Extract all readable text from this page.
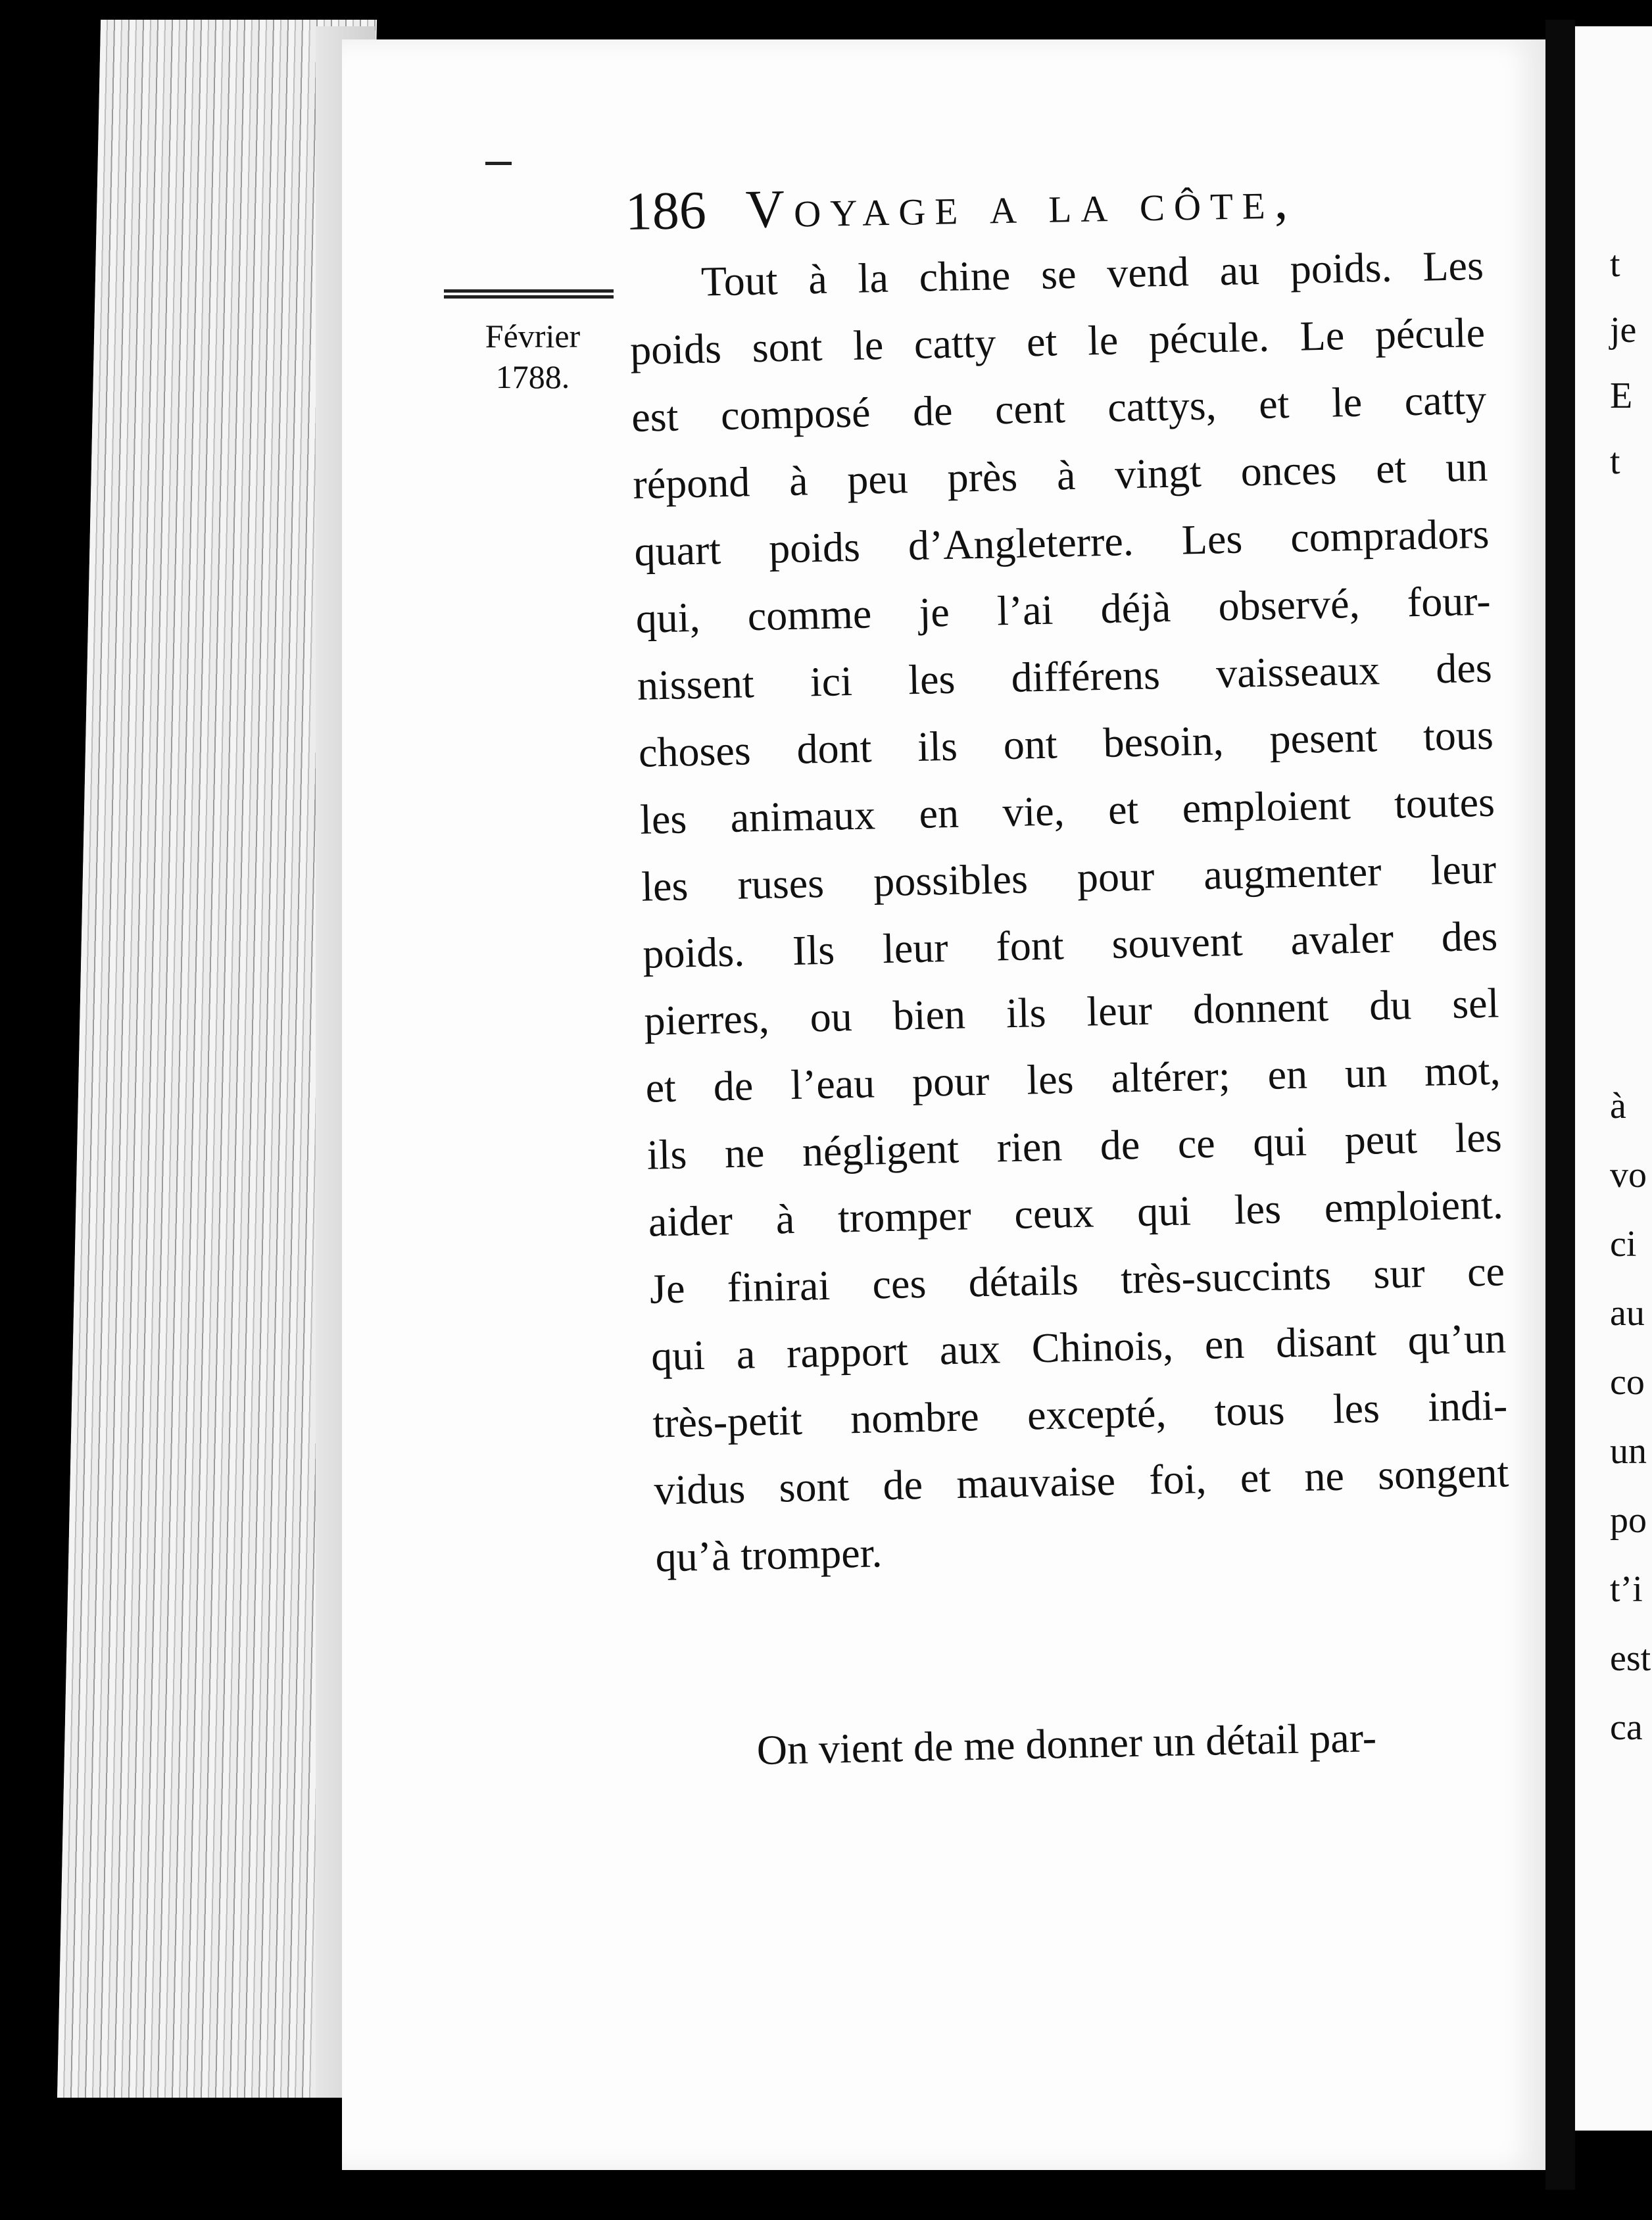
186 Voyage a la côte,
Février
1788.
Tout à la chine se vend au poids. Les
poids sont le catty et le pécule. Le pécule
est composé de cent cattys, et le catty
répond à peu près à vingt onces et un
quart poids d’Angleterre. Les compradors
qui, comme je l’ai déjà observé, four-
nissent ici les différens vaisseaux des
choses dont ils ont besoin, pesent tous
les animaux en vie, et emploient toutes
les ruses possibles pour augmenter leur
poids. Ils leur font souvent avaler des
pierres, ou bien ils leur donnent du sel
et de l’eau pour les altérer; en un mot,
ils ne négligent rien de ce qui peut les
aider à tromper ceux qui les emploient.
Je finirai ces détails très-succints sur ce
qui a rapport aux Chinois, en disant qu’un
très-petit nombre excepté, tous les indi-
vidus sont de mauvaise foi, et ne songent
qu’à tromper.
On vient de me donner un détail par-
t
je
E
t
à
vo
ci
au
co
un
po
t’i
est
ca
